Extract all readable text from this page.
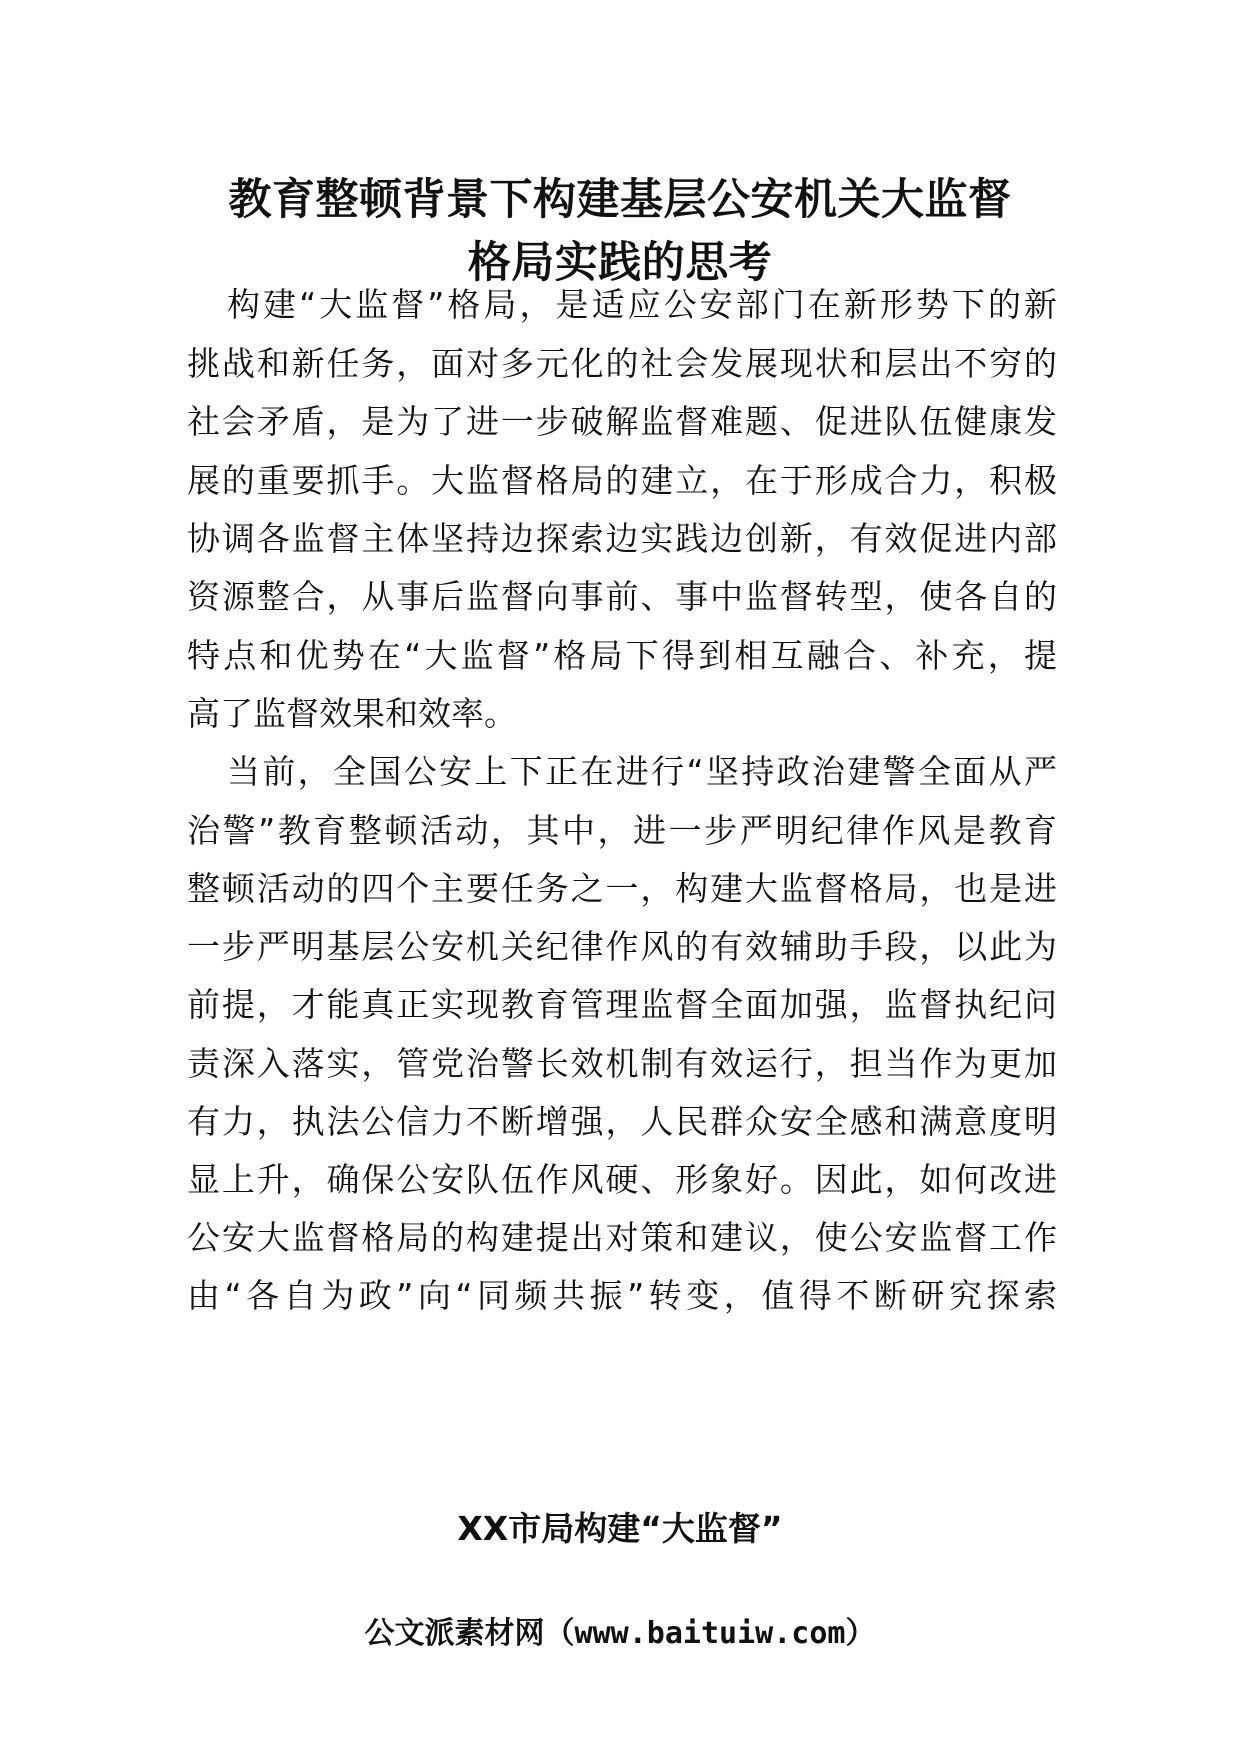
教育整顿背景下构建基层公安机关大监督
格局实践的思考
构建“大监督”格局，是适应公安部门在新形势下的新
挑战和新任务，面对多元化的社会发展现状和层出不穷的
社会矛盾，是为了进一步破解监督难题、促进队伍健康发
展的重要抓手。大监督格局的建立，在于形成合力，积极
协调各监督主体坚持边探索边实践边创新，有效促进内部
资源整合，从事后监督向事前、事中监督转型，使各自的
特点和优势在“大监督”格局下得到相互融合、补充，提
高了监督效果和效率。
当前，全国公安上下正在进行“坚持政治建警全面从严
治警”教育整顿活动，其中，进一步严明纪律作风是教育
整顿活动的四个主要任务之一，构建大监督格局，也是进
一步严明基层公安机关纪律作风的有效辅助手段，以此为
前提，才能真正实现教育管理监督全面加强，监督执纪问
责深入落实，管党治警长效机制有效运行，担当作为更加
有力，执法公信力不断增强，人民群众安全感和满意度明
显上升，确保公安队伍作风硬、形象好。因此，如何改进
公安大监督格局的构建提出对策和建议，使公安监督工作
由“各自为政”向“同频共振”转变，值得不断研究探索
XX市局构建“大监督”
公文派素材网（www.baituiw.com）
